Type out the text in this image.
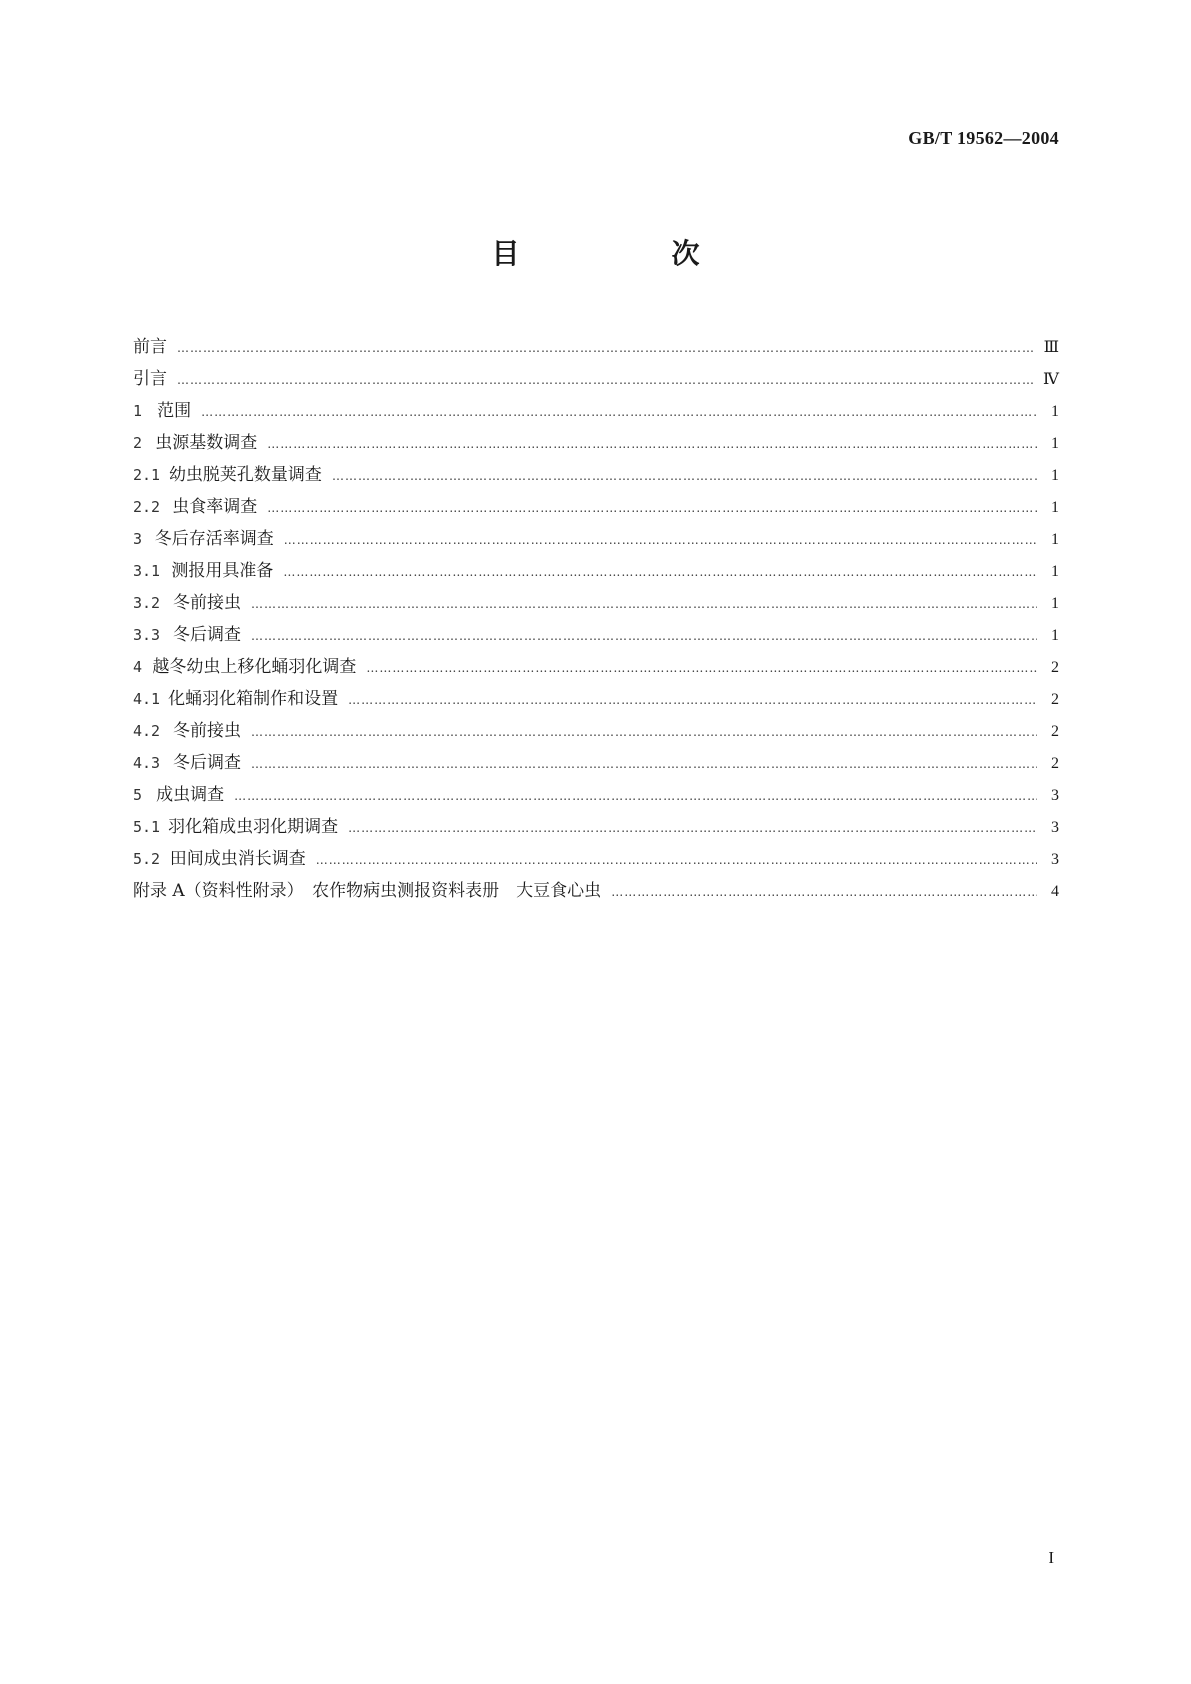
GB/T 19562—2004
目　次
前言 ……………………………………………………………………………………………………………………………………………………………………………………………………………………	Ⅲ
引言 ……………………………………………………………………………………………………………………………………………………………………………………………………………………	Ⅳ
1 范围 ……………………………………………………………………………………………………………………………………………………………………………………………………………………	1
2 虫源基数调查 ……………………………………………………………………………………………………………………………………………………………………………………………………………………	1
2.1 幼虫脱荚孔数量调查 ……………………………………………………………………………………………………………………………………………………………………………………………………………………	1
2.2 虫食率调查 ……………………………………………………………………………………………………………………………………………………………………………………………………………………	1
3 冬后存活率调查 ……………………………………………………………………………………………………………………………………………………………………………………………………………………	1
3.1 测报用具准备 ……………………………………………………………………………………………………………………………………………………………………………………………………………………	1
3.2 冬前接虫 ……………………………………………………………………………………………………………………………………………………………………………………………………………………	1
3.3 冬后调查 ……………………………………………………………………………………………………………………………………………………………………………………………………………………	1
4 越冬幼虫上移化蛹羽化调查 ……………………………………………………………………………………………………………………………………………………………………………………………………………………	2
4.1 化蛹羽化箱制作和设置 ……………………………………………………………………………………………………………………………………………………………………………………………………………………	2
4.2 冬前接虫 ……………………………………………………………………………………………………………………………………………………………………………………………………………………	2
4.3 冬后调查 ……………………………………………………………………………………………………………………………………………………………………………………………………………………	2
5 成虫调查 ……………………………………………………………………………………………………………………………………………………………………………………………………………………	3
5.1 羽化箱成虫羽化期调查 ……………………………………………………………………………………………………………………………………………………………………………………………………………………	3
5.2 田间成虫消长调查 ……………………………………………………………………………………………………………………………………………………………………………………………………………………	3
附录 A（资料性附录）　农作物病虫测报资料表册　大豆食心虫 ……………………………………………………………………………………………………………………………………………………………………………………………………………………	4
I
